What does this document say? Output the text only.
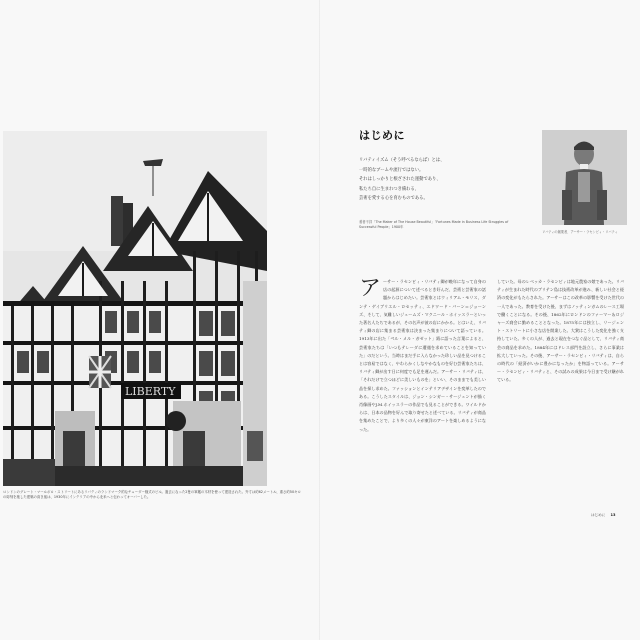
LIBERTY
ロンドンのグレート・マールボロ・ストリートにあるリバティのランドマーク的なチューダー様式のビル。過去になった2隻の軍艦の木材を使って建造された。外寸は約62メートル、重さ約50キロの彫刻を施した建築の高き風は、1930年にインテリアの中から北米へと伝わってオーバーした。
はじめに

リバティイズム（そう呼べるならば）とは、

一時的なブームや流行ではない。

それはしっかりと根ざされた運動であり、

私たち自に生まれつき備わる、

芸術を愛する心を育むものである。

著者不詳「The Maker of The House Beautiful」「Fortunes Made in Business Life Struggles of Successful People」1900年
リバティの創業者、アーサー・ラセンビィ・リバティ
ア ーサー・ラセンビィ・リバティ卿が晩年になって自身の店の起源について述べるとき好んだ、芸術と芸術家の話題からはじめたい。芸術家とはウィリアム・モリス、ダンテ・ゲイブリエル・ロセッティ、エドワード・バーン＝ジョーンズ、そして、気難しいジェームズ・マクニール・ホイッスラーといった著名人たちであるが、その名声が彼の店にかかる。とはいえ、リバティ卿の店に集まる芸術家は決まった集まりについて語っている。1913年に出た「ペル・メル・ガゼット」紙に語った言葉によると、芸術家たちは「いつもテレーダに遭遇を求めていることを知っていた」のだという。当時はまだ手に入らなかった珍しい品を見つけることは容易ではなく、やわらかくしなやかなものを好む芸術家たちは、リバティ卿が出す日に何度でも足を運んだ。アーサー・リバティは、「それだけで立つほどに美しいものを」といい、そのままでも美しい品を探し求めた。ファッションとインテリアデザインを変革したのである。こうしたスタイルは、ジョン・シンガー・サージェントが描く肖像画やJ.M.ホイッスラーの作品でも見ることができる。ワイルドからは、日本の品物を好んで取り寄せたと述べている。リバティが商品を集めたことで、より多くの人々が東洋のアートを楽しめるようになった。

していた。母のレベッカ・ラセンビィは地元農家の娘であった。リバティが生まれた時代のブリテン島は技術改革が進み、新しい社会と経済の変化がもたらされた。アーサーはこの改革の影響を受けた世代の一人であった。教育を受けた後、まずはノッティンガムのレース工場で働くことになる。その後、1862年にロンドンのファーマー＆ロジャーズ商会に勤めることとなった。1875年には独立し、リージェント・ストリートに小さな店を開業した。大衆はこうした変化を強く支持していた。多くの人が、過去と現在をつなぐ品として、リバティ商会の商品を求めた。1884年にはドレス部門を設立し、さらに事業は拡大していった。その後、アーサー・ラセンビィ・リバティは、自らの時代の「経済がいかに豊かになったか」を物語っている。アーサー・ラセンビィ・リバティと、その試みの成果は今日まで受け継がれている。

はじめに 13
